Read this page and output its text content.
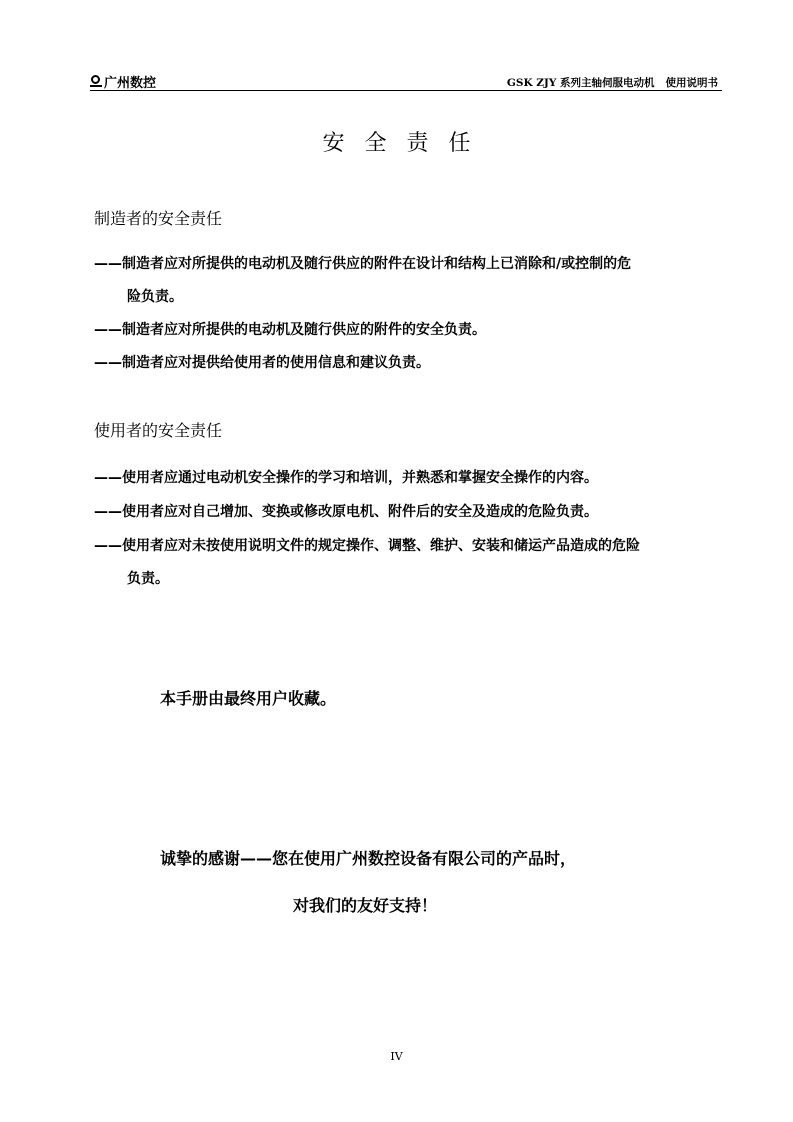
广州数控	GSK ZJY 系列主轴伺服电动机   使用说明书
安全责任
制造者的安全责任
——制造者应对所提供的电动机及随行供应的附件在设计和结构上已消除和/或控制的危
险负责。
——制造者应对所提供的电动机及随行供应的附件的安全负责。
——制造者应对提供给使用者的使用信息和建议负责。
使用者的安全责任
——使用者应通过电动机安全操作的学习和培训，并熟悉和掌握安全操作的内容。
——使用者应对自己增加、变换或修改原电机、附件后的安全及造成的危险负责。
——使用者应对未按使用说明文件的规定操作、调整、维护、安装和储运产品造成的危险
负责。
本手册由最终用户收藏。
诚挚的感谢——您在使用广州数控设备有限公司的产品时，
对我们的友好支持！
IV
